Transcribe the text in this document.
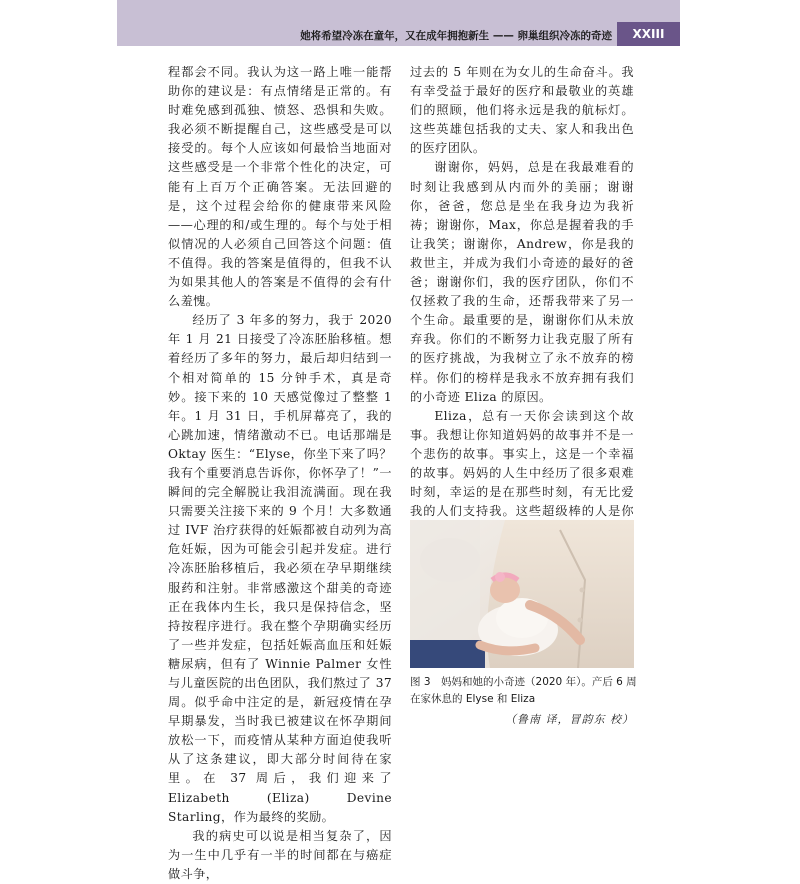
她将希望冷冻在童年，又在成年拥抱新生 —— 卵巢组织冷冻的奇迹	XXIII

程都会不同。我认为这一路上唯一能帮助你的建议是：有点情绪是正常的。有时难免感到孤独、愤怒、恐惧和失败。我必须不断提醒自己，这些感受是可以接受的。每个人应该如何最恰当地面对这些感受是一个非常个性化的决定，可能有上百万个正确答案。无法回避的是，这个过程会给你的健康带来风险——心理的和/或生理的。每个与处于相似情况的人必须自己回答这个问题：值不值得。我的答案是值得的，但我不认为如果其他人的答案是不值得的会有什么羞愧。

经历了 3 年多的努力，我于 2020 年 1 月 21 日接受了冷冻胚胎移植。想着经历了多年的努力，最后却归结到一个相对简单的 15 分钟手术，真是奇妙。接下来的 10 天感觉像过了整整 1 年。1 月 31 日，手机屏幕亮了，我的心跳加速，情绪激动不已。电话那端是 Oktay 医生：“Elyse，你坐下来了吗？我有个重要消息告诉你，你怀孕了！”一瞬间的完全解脱让我泪流满面。现在我只需要关注接下来的 9 个月！大多数通过 IVF 治疗获得的妊娠都被自动列为高危妊娠，因为可能会引起并发症。进行冷冻胚胎移植后，我必须在孕早期继续服药和注射。非常感激这个甜美的奇迹正在我体内生长，我只是保持信念，坚持按程序进行。我在整个孕期确实经历了一些并发症，包括妊娠高血压和妊娠糖尿病，但有了 Winnie Palmer 女性与儿童医院的出色团队，我们熬过了 37 周。似乎命中注定的是，新冠疫情在孕早期暴发，当时我已被建议在怀孕期间放松一下，而疫情从某种方面迫使我听从了这条建议，即大部分时间待在家里。在 37 周后，我们迎来了 Elizabeth (Eliza) Devine Starling，作为最终的奖励。

我的病史可以说是相当复杂了，因为一生中几乎有一半的时间都在与癌症做斗争，

过去的 5 年则在为女儿的生命奋斗。我有幸受益于最好的医疗和最敬业的英雄们的照顾，他们将永远是我的航标灯。这些英雄包括我的丈夫、家人和我出色的医疗团队。

谢谢你，妈妈，总是在我最难看的时刻让我感到从内而外的美丽；谢谢你，爸爸，您总是坐在我身边为我祈祷；谢谢你，Max，你总是握着我的手让我笑；谢谢你，Andrew，你是我的救世主，并成为我们小奇迹的最好的爸爸；谢谢你们，我的医疗团队，你们不仅拯救了我的生命，还帮我带来了另一个生命。最重要的是，谢谢你们从未放弃我。你们的不断努力让我克服了所有的医疗挑战，为我树立了永不放弃的榜样。你们的榜样是我永不放弃拥有我们的小奇迹 Eliza 的原因。

Eliza，总有一天你会读到这个故事。我想让你知道妈妈的故事并不是一个悲伤的故事。事实上，这是一个幸福的故事。妈妈的人生中经历了很多艰难时刻，幸运的是在那些时刻，有无比爱我的人们支持我。这些超级棒的人是你

图 3　妈妈和她的小奇迹（2020 年）。产后 6 周
在家休息的 Elyse 和 Eliza
（鲁南 译，冒韵东 校）
